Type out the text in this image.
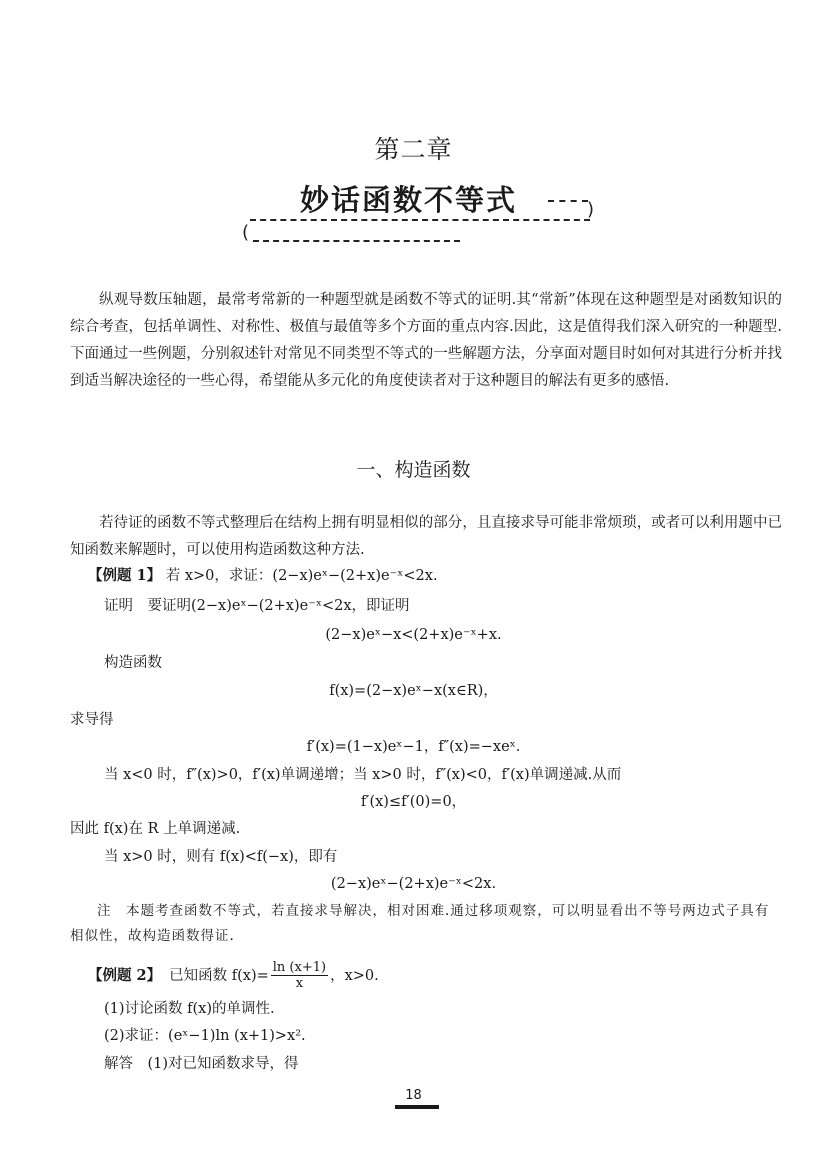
第二章
妙话函数不等式	)
(
纵观导数压轴题，最常考常新的一种题型就是函数不等式的证明.其“常新”体现在这种题型是对函数知识的综合考查，包括单调性、对称性、极值与最值等多个方面的重点内容.因此，这是值得我们深入研究的一种题型.下面通过一些例题，分别叙述针对常见不同类型不等式的一些解题方法，分享面对题目时如何对其进行分析并找到适当解决途径的一些心得，希望能从多元化的角度使读者对于这种题目的解法有更多的感悟.
一、构造函数
若待证的函数不等式整理后在结构上拥有明显相似的部分，且直接求导可能非常烦琐，或者可以利用题中已知函数来解题时，可以使用构造函数这种方法.
【例题 1】 若 x>0，求证：(2−x)eˣ−(2+x)e⁻ˣ<2x.
证明　要证明(2−x)eˣ−(2+x)e⁻ˣ<2x，即证明
(2−x)eˣ−x<(2+x)e⁻ˣ+x.
构造函数
f(x)=(2−x)eˣ−x(x∈R)，
求导得
f′(x)=(1−x)eˣ−1，f″(x)=−xeˣ.
当 x<0 时，f″(x)>0，f′(x)单调递增；当 x>0 时，f″(x)<0，f′(x)单调递减.从而
f′(x)≤f′(0)=0，
因此 f(x)在 R 上单调递减.
当 x>0 时，则有 f(x)<f(−x)，即有
(2−x)eˣ−(2+x)e⁻ˣ<2x.
注　本题考查函数不等式，若直接求导解决，相对困难.通过移项观察，可以明显看出不等号两边式子具有相似性，故构造函数得证.
【例题 2】 已知函数 $f(x)= \frac{\ln (x+1)}{x}$ ，x>0.
(1)讨论函数 f(x)的单调性.
(2)求证：(eˣ−1)ln (x+1)>x².
解答　(1)对已知函数求导，得
18
